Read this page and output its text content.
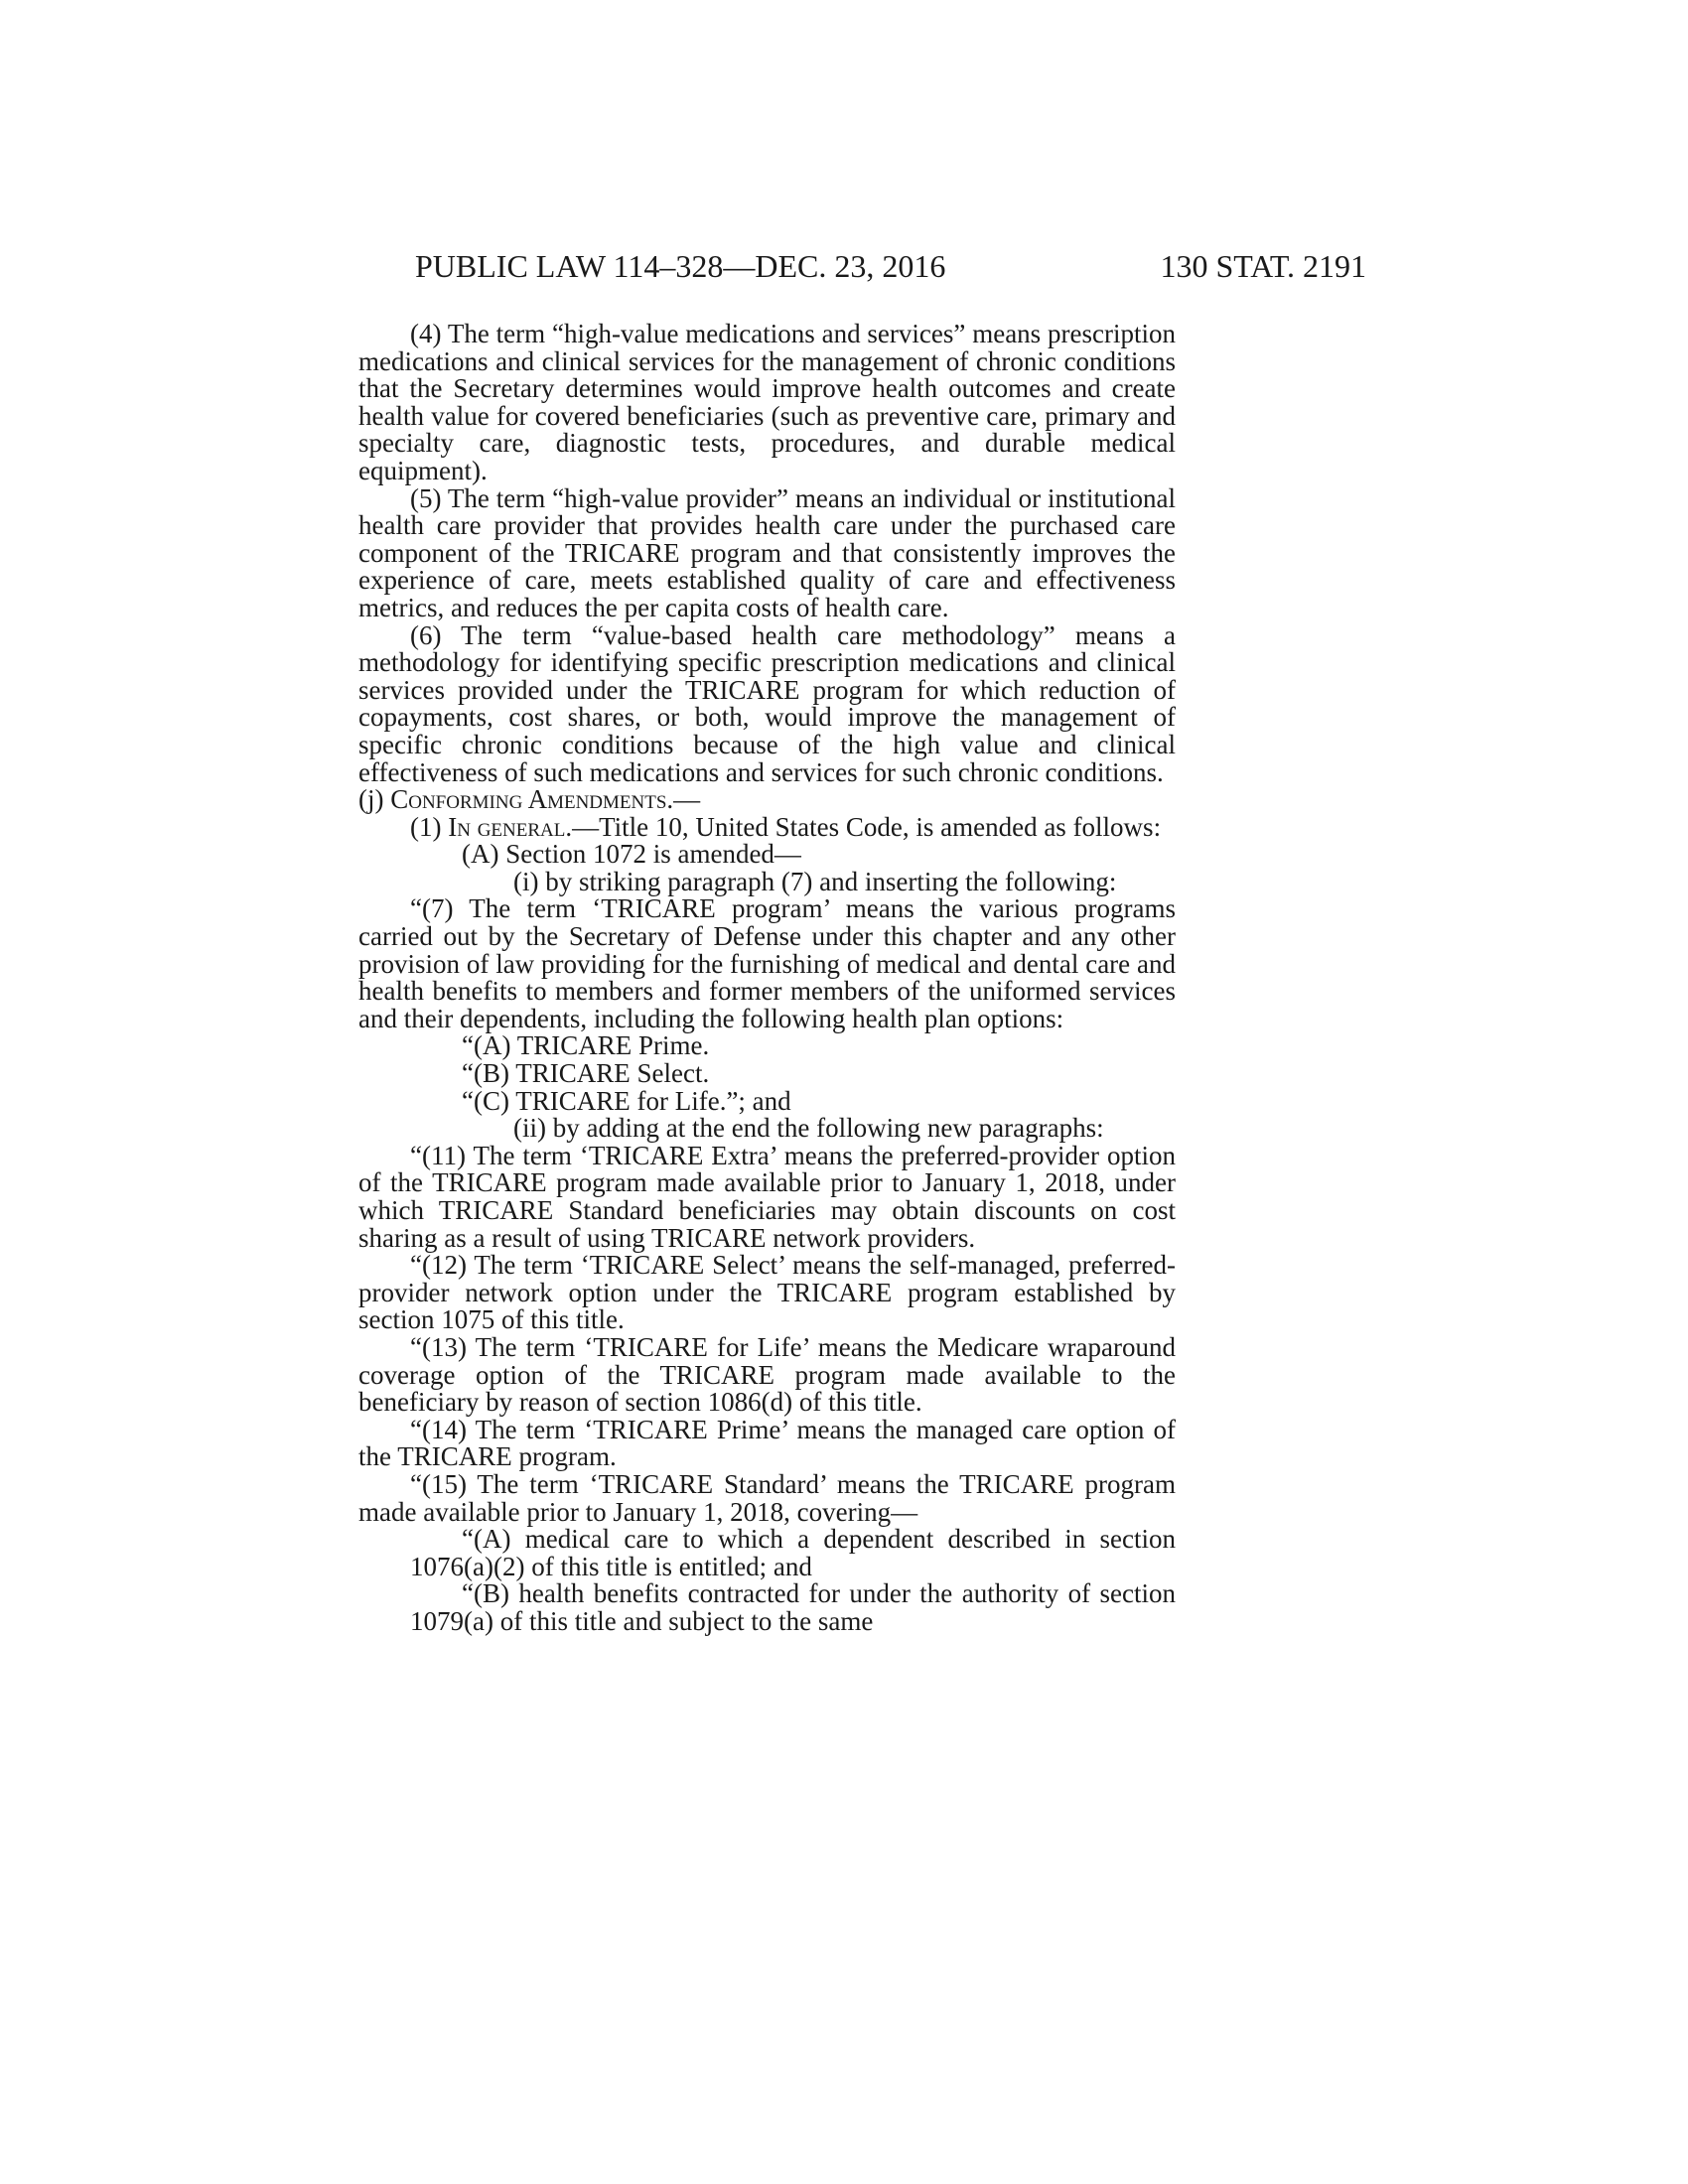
PUBLIC LAW 114–328—DEC. 23, 2016	130 STAT. 2191

(4) The term “high-value medications and services” means prescription medications and clinical services for the management of chronic conditions that the Secretary determines would improve health outcomes and create health value for covered beneficiaries (such as preventive care, primary and specialty care, diagnostic tests, procedures, and durable medical equipment).

(5) The term “high-value provider” means an individual or institutional health care provider that provides health care under the purchased care component of the TRICARE program and that consistently improves the experience of care, meets established quality of care and effectiveness metrics, and reduces the per capita costs of health care.

(6) The term “value-based health care methodology” means a methodology for identifying specific prescription medications and clinical services provided under the TRICARE program for which reduction of copayments, cost shares, or both, would improve the management of specific chronic conditions because of the high value and clinical effectiveness of such medications and services for such chronic conditions.

(j) Conforming Amendments.—

(1) In general.—Title 10, United States Code, is amended as follows:

(A) Section 1072 is amended—

(i) by striking paragraph (7) and inserting the following:

“(7) The term ‘TRICARE program’ means the various programs carried out by the Secretary of Defense under this chapter and any other provision of law providing for the furnishing of medical and dental care and health benefits to members and former members of the uniformed services and their dependents, including the following health plan options:

“(A) TRICARE Prime.

“(B) TRICARE Select.

“(C) TRICARE for Life.”; and

(ii) by adding at the end the following new paragraphs:

“(11) The term ‘TRICARE Extra’ means the preferred-provider option of the TRICARE program made available prior to January 1, 2018, under which TRICARE Standard beneficiaries may obtain discounts on cost sharing as a result of using TRICARE network providers.

“(12) The term ‘TRICARE Select’ means the self-managed, preferred-provider network option under the TRICARE program established by section 1075 of this title.

“(13) The term ‘TRICARE for Life’ means the Medicare wraparound coverage option of the TRICARE program made available to the beneficiary by reason of section 1086(d) of this title.

“(14) The term ‘TRICARE Prime’ means the managed care option of the TRICARE program.

“(15) The term ‘TRICARE Standard’ means the TRICARE program made available prior to January 1, 2018, covering—

“(A) medical care to which a dependent described in section 1076(a)(2) of this title is entitled; and

“(B) health benefits contracted for under the authority of section 1079(a) of this title and subject to the same
